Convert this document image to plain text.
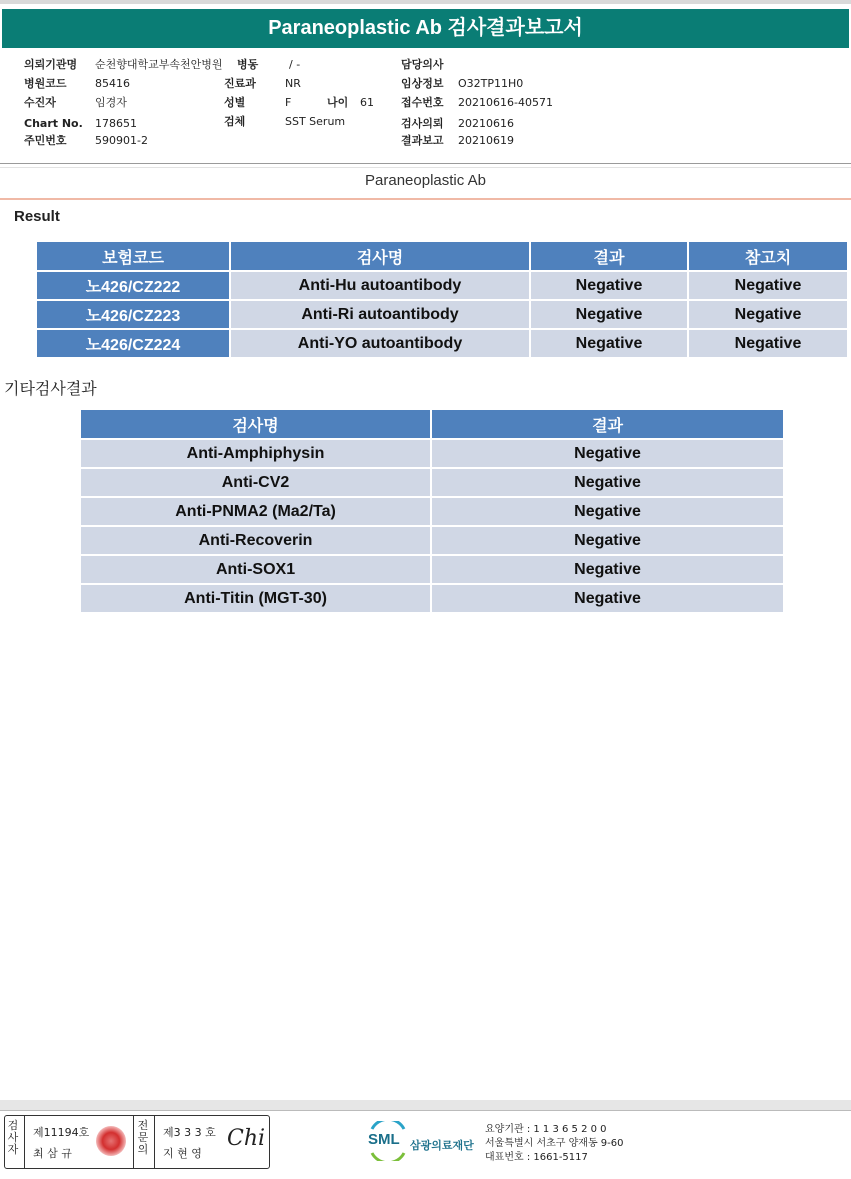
Paraneoplastic Ab 검사결과보고서
의뢰기관명 순천향대학교부속천안병원
병원코드	85416
수진자	임경자
Chart No. 178651
주민번호	590901-2
병동	/ -
진료과	NR
성별	F	나이 61
검체	SST Serum
담당의사
임상정보 O32TP11H0
접수번호 20210616-40571
검사의뢰 20210616
결과보고 20210619
Paraneoplastic Ab
Result
보험코드	검사명	결과	참고치
노426/CZ222	Anti-Hu autoantibody	Negative	Negative
노426/CZ223	Anti-Ri autoantibody	Negative	Negative
노426/CZ224	Anti-YO autoantibody	Negative	Negative
기타검사결과
검사명	결과
Anti-Amphiphysin	Negative
Anti-CV2	Negative
Anti-PNMA2 (Ma2/Ta)	Negative
Anti-Recoverin	Negative
Anti-SOX1	Negative
Anti-Titin (MGT-30)	Negative
검
사
자
제11194호
최 삼 규
전
문
의
제3 3 3 호
지 현 영
Chi	SML 삼광의료재단
요양기관 : 1 1 3 6 5 2 0 0
서울특별시 서초구 양재동 9-60
대표번호 : 1661-5117
